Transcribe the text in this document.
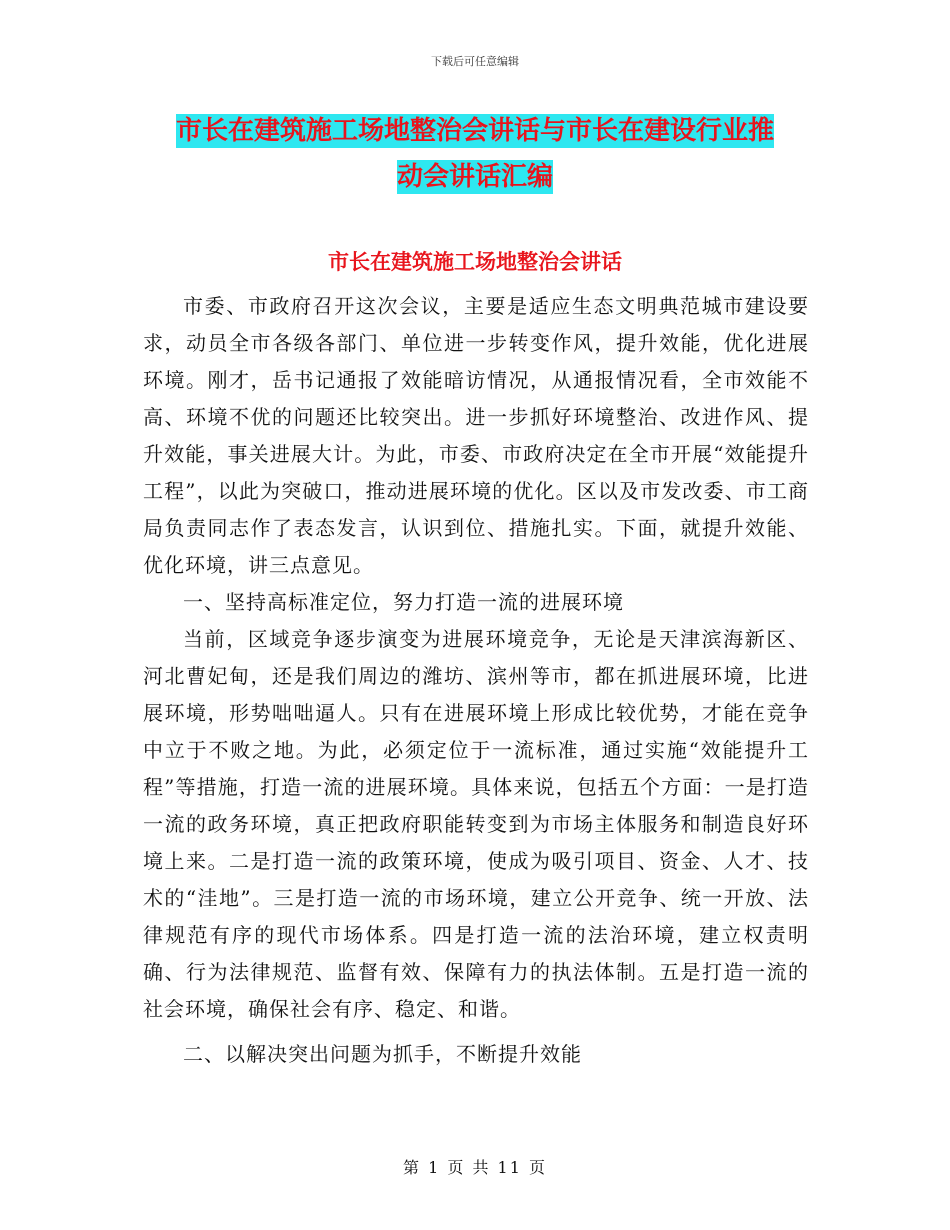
下载后可任意编辑
市长在建筑施工场地整治会讲话与市长在建设行业推
动会讲话汇编
市长在建筑施工场地整治会讲话

市委、市政府召开这次会议，主要是适应生态文明典范城市建设要求，动员全市各级各部门、单位进一步转变作风，提升效能，优化进展环境。刚才，岳书记通报了效能暗访情况，从通报情况看，全市效能不高、环境不优的问题还比较突出。进一步抓好环境整治、改进作风、提升效能，事关进展大计。为此，市委、市政府决定在全市开展“效能提升工程”，以此为突破口，推动进展环境的优化。区以及市发改委、市工商局负责同志作了表态发言，认识到位、措施扎实。下面，就提升效能、优化环境，讲三点意见。

一、坚持高标准定位，努力打造一流的进展环境

当前，区域竞争逐步演变为进展环境竞争，无论是天津滨海新区、河北曹妃甸，还是我们周边的潍坊、滨州等市，都在抓进展环境，比进展环境，形势咄咄逼人。只有在进展环境上形成比较优势，才能在竞争中立于不败之地。为此，必须定位于一流标准，通过实施“效能提升工程”等措施，打造一流的进展环境。具体来说，包括五个方面：一是打造一流的政务环境，真正把政府职能转变到为市场主体服务和制造良好环境上来。二是打造一流的政策环境，使成为吸引项目、资金、人才、技术的“洼地”。三是打造一流的市场环境，建立公开竞争、统一开放、法律规范有序的现代市场体系。四是打造一流的法治环境，建立权责明确、行为法律规范、监督有效、保障有力的执法体制。五是打造一流的社会环境，确保社会有序、稳定、和谐。

二、以解决突出问题为抓手，不断提升效能

第 1 页 共 11 页
